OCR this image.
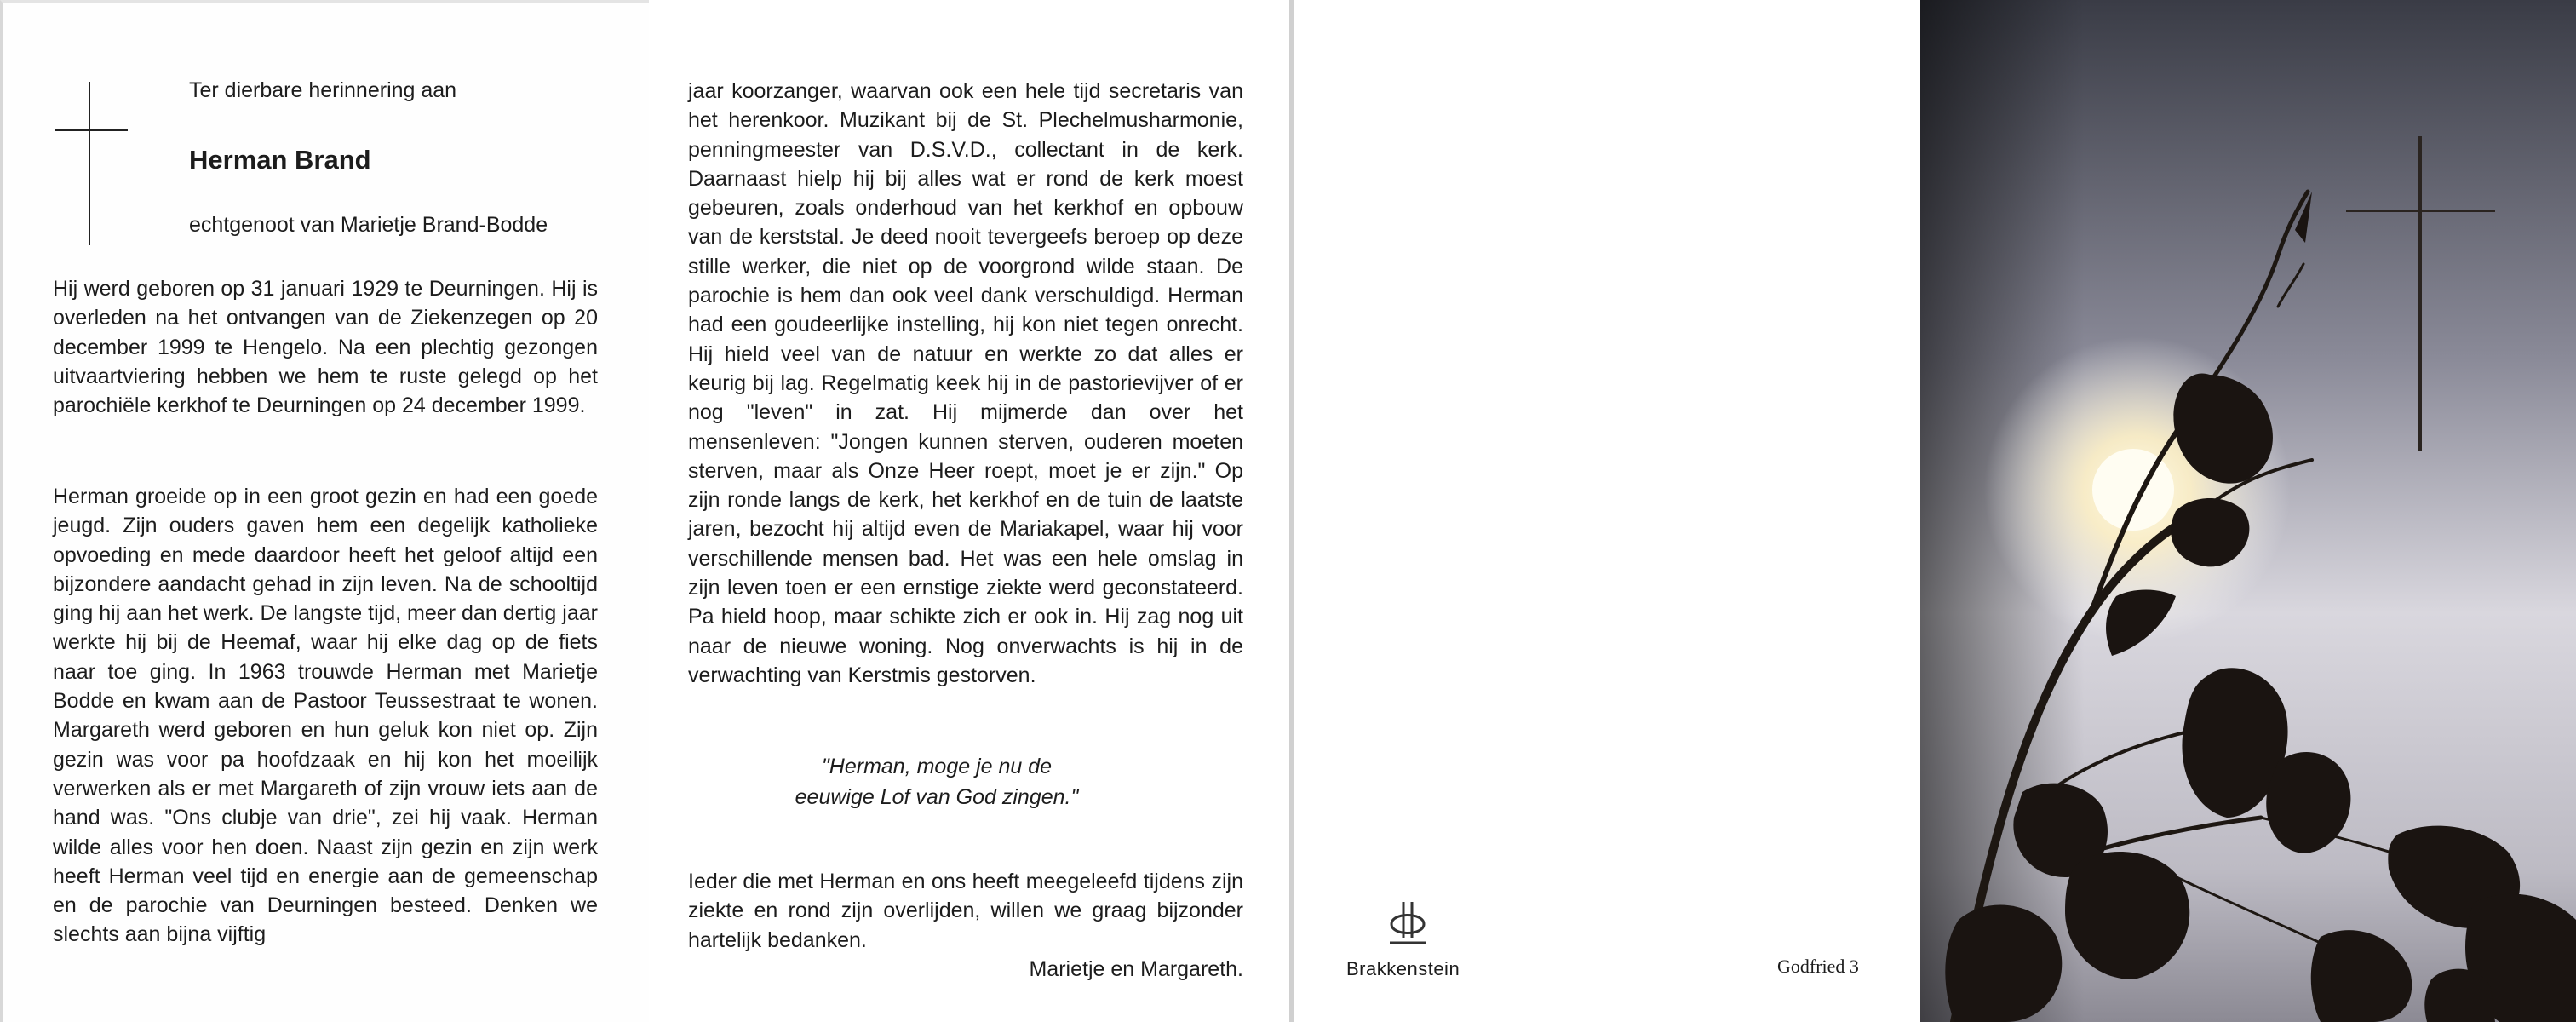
Ter dierbare herinnering aan
Herman Brand
echtgenoot van Marietje Brand-Bodde
Hij werd geboren op 31 januari 1929 te Deurningen. Hij is overleden na het ontvangen van de Ziekenzegen op 20 december 1999 te Hengelo. Na een plechtig gezongen uitvaartviering hebben we hem te ruste gelegd op het parochiële kerkhof te Deurningen op 24 december 1999.
Herman groeide op in een groot gezin en had een goede jeugd. Zijn ouders gaven hem een degelijk katholieke opvoeding en mede daardoor heeft het geloof altijd een bijzondere aandacht gehad in zijn leven. Na de schooltijd ging hij aan het werk. De langste tijd, meer dan dertig jaar werkte hij bij de Heemaf, waar hij elke dag op de fiets naar toe ging. In 1963 trouwde Herman met Marietje Bodde en kwam aan de Pastoor Teussestraat te wonen. Margareth werd geboren en hun geluk kon niet op. Zijn gezin was voor pa hoofdzaak en hij kon het moeilijk verwerken als er met Margareth of zijn vrouw iets aan de hand was. "Ons clubje van drie", zei hij vaak. Herman wilde alles voor hen doen. Naast zijn gezin en zijn werk heeft Herman veel tijd en energie aan de gemeenschap en de parochie van Deurningen besteed. Denken we slechts aan bijna vijftig
jaar koorzanger, waarvan ook een hele tijd secretaris van het herenkoor. Muzikant bij de St. Plechelmusharmonie, penningmeester van D.S.V.D., collectant in de kerk. Daarnaast hielp hij bij alles wat er rond de kerk moest gebeuren, zoals onderhoud van het kerkhof en opbouw van de kerststal. Je deed nooit tevergeefs beroep op deze stille werker, die niet op de voorgrond wilde staan. De parochie is hem dan ook veel dank verschuldigd. Herman had een goudeerlijke instelling, hij kon niet tegen onrecht. Hij hield veel van de natuur en werkte zo dat alles er keurig bij lag. Regelmatig keek hij in de pastorievijver of er nog "leven" in zat. Hij mijmerde dan over het mensenleven: "Jongen kunnen sterven, ouderen moeten sterven, maar als Onze Heer roept, moet je er zijn." Op zijn ronde langs de kerk, het kerkhof en de tuin de laatste jaren, bezocht hij altijd even de Mariakapel, waar hij voor verschillende mensen bad. Het was een hele omslag in zijn leven toen er een ernstige ziekte werd geconstateerd. Pa hield hoop, maar schikte zich er ook in. Hij zag nog uit naar de nieuwe woning. Nog onverwachts is hij in de verwachting van Kerstmis gestorven.
"Herman, moge je nu de
eeuwige Lof van God zingen."
Ieder die met Herman en ons heeft meegeleefd tijdens zijn ziekte en rond zijn overlijden, willen we graag bijzonder hartelijk bedanken.
Marietje en Margareth.	Brakkenstein	Godfried 3
